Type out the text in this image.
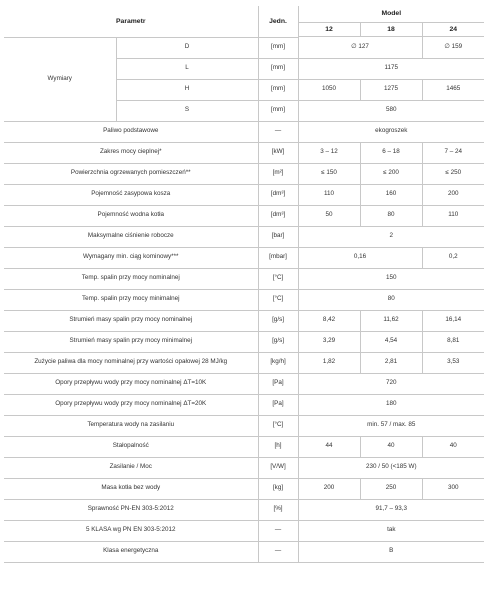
Parametr		Jedn.	Model		
			12	18	24

Wymiary	D	[mm]	∅ 127		∅ 159
	L	[mm]	1175		
	H	[mm]	1050	1275	1465
	S	[mm]	580		
Paliwo podstawowe		—	ekogroszek		
Zakres mocy cieplnej*		[kW]	3 – 12	6 – 18	7 – 24
Powierzchnia ogrzewanych pomieszczeń**		[m²]	≤ 150	≤ 200	≤ 250
Pojemność zasypowa kosza		[dm³]	110	160	200
Pojemność wodna kotła		[dm³]	50	80	110
Maksymalne ciśnienie robocze		[bar]	2		
Wymagany min. ciąg kominowy***		[mbar]	0,16		0,2
Temp. spalin przy mocy nominalnej		[°C]	150		
Temp. spalin przy mocy minimalnej		[°C]	80		
Strumień masy spalin przy mocy nominalnej		[g/s]	8,42	11,62	16,14
Strumień masy spalin przy mocy minimalnej		[g/s]	3,29	4,54	8,81
Zużycie paliwa dla mocy nominalnej przy wartości opałowej 28 MJ/kg		[kg/h]	1,82	2,81	3,53
Opory przepływu wody przy mocy nominalnej ΔT=10K		[Pa]	720		
Opory przepływu wody przy mocy nominalnej ΔT=20K		[Pa]	180		
Temperatura wody na zasilaniu		[°C]	min. 57 / max. 85		
Stałopalność		[h]	44	40	40
Zasilanie / Moc		[V/W]	230 / 50 (<185 W)		
Masa kotła bez wody		[kg]	200	250	300
Sprawność PN-EN 303-5:2012		[%]	91,7 – 93,3		
5 KLASA wg PN EN 303-5:2012		—	tak		
Klasa energetyczna		—	B		
